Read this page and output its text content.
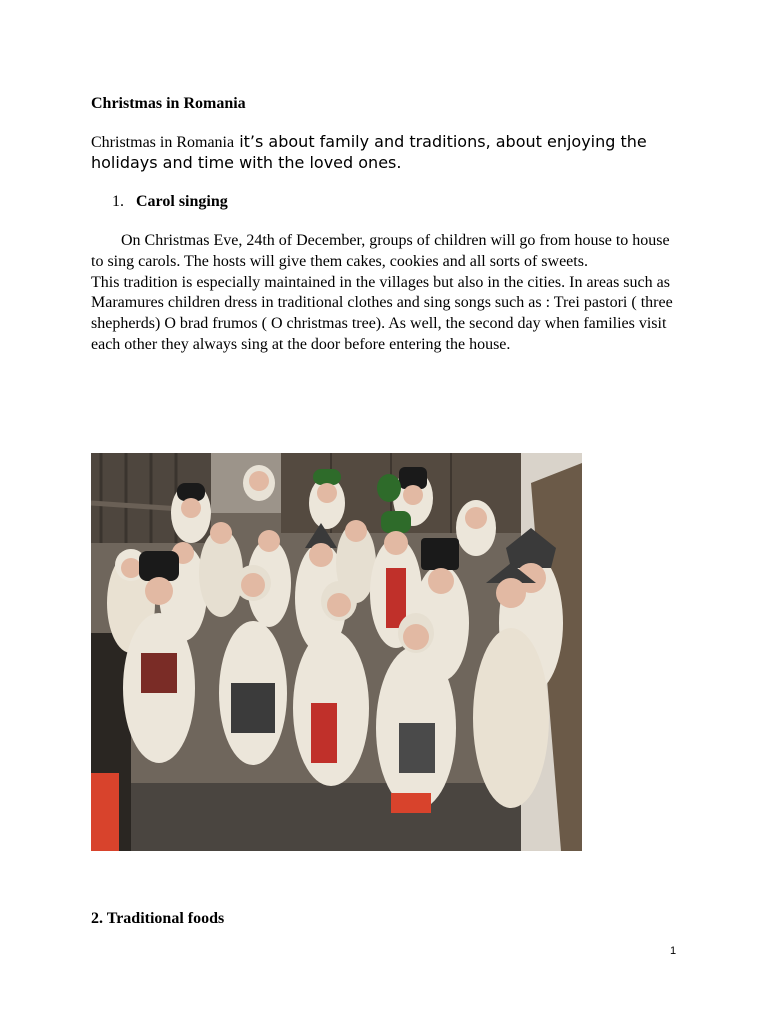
Christmas in Romania

Christmas in Romania it’s about family and traditions, about enjoying the holidays and time with the loved ones.

1. Carol singing

On Christmas Eve, 24th of December, groups of children will go from house to house to sing carols. The hosts will give them cakes, cookies and all sorts of sweets.

This tradition is especially maintained in the villages but also in the cities. In areas such as Maramures children dress in traditional clothes and sing songs such as : Trei pastori ( three shepherds) O brad frumos ( O christmas tree). As well, the second day when families visit each other they always sing at the door before entering the house.

2. Traditional foods
1
